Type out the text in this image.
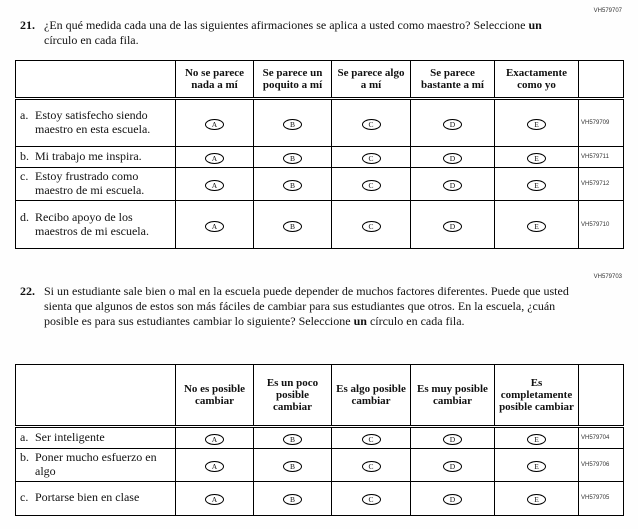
VH579707
21. ¿En qué medida cada una de las siguientes afirmaciones se aplica a usted como maestro? Seleccione un círculo en cada fila.
	No se parece nada a mí	Se parece un poquito a mí	Se parece algo a mí	Se parece bastante a mí	Exactamente como yo	

a. Estoy satisfecho siendo maestro en esta escuela.	A	B	C	D	E	VH579709

b. Mi trabajo me inspira.	A	B	C	D	E	VH579711

c. Estoy frustrado como maestro de mi escuela.	A	B	C	D	E	VH579712

d. Recibo apoyo de los maestros de mi escuela.	A	B	C	D	E	VH579710
VH579703
22. Si un estudiante sale bien o mal en la escuela puede depender de muchos factores diferentes. Puede que usted sienta que algunos de estos son más fáciles de cambiar para sus estudiantes que otros. En la escuela, ¿cuán posible es para sus estudiantes cambiar lo siguiente? Seleccione un círculo en cada fila.
	No es posible cambiar	Es un poco posible cambiar	Es algo posible cambiar	Es muy posible cambiar	Es completamente posible cambiar	

a. Ser inteligente	A	B	C	D	E	VH579704

b. Poner mucho esfuerzo en algo	A	B	C	D	E	VH579706

c. Portarse bien en clase	A	B	C	D	E	VH579705
